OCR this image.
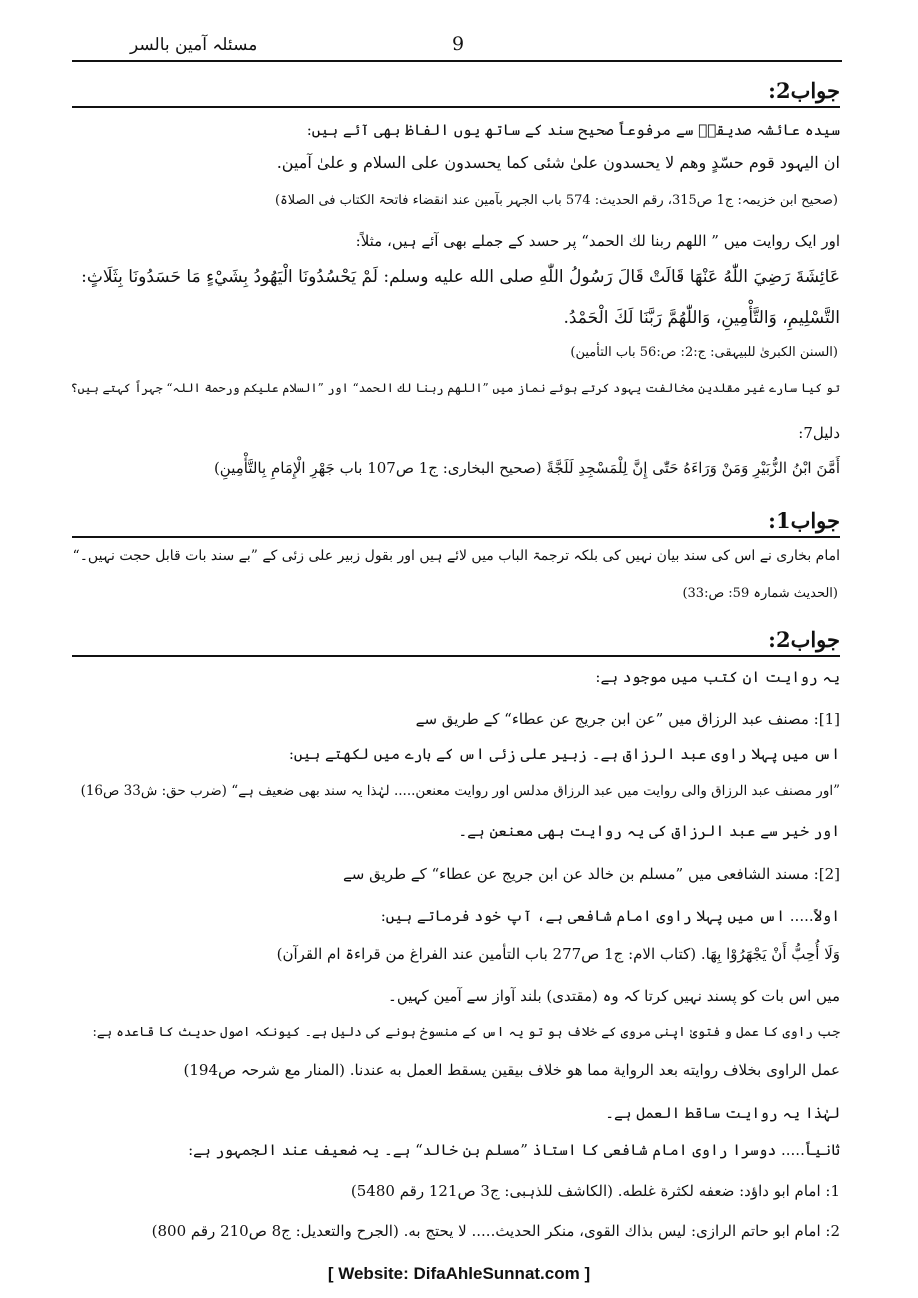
مسئلہ آمین بالسر	9
جواب2:
سیدہ عائشہ صدیقہؓ سے مرفوعاً صحیح سند کے ساتھ یوں الفاظ بھی آئے ہیں:
ان الیہود قوم حسّدٍ وھم لا یحسدون علیٰ شئی کما یحسدون علی السلام و علیٰ آمین.
(صحیح ابن خزیمہ: ج1 ص315، رقم الحدیث: 574 باب الجہر بآمین عند انقضاء فاتحۃ الکتاب فی الصلاۃ)
اور ایک روایت میں ” اللهم ربنا لك الحمد“ پر حسد کے جملے بھی آئے ہیں، مثلاً:
عَائِشَةَ رَضِيَ اللّٰهُ عَنْهَا قَالَتْ قَالَ رَسُولُ اللّٰهِ صلى الله عليه وسلم: لَمْ يَحْسُدُونَا الْيَهُودُ بِشَيْءٍ مَا حَسَدُونَا بِثَلَاثٍ:
التَّسْلِيمِ، وَالتَّأْمِينِ، وَاللّٰهُمَّ رَبَّنَا لَكَ الْحَمْدُ.
(السنن الکبریٰ للبیہقی: ج:2: ص:56 باب التأمین)
تو کیا سارے غیر مقلدین مخالفت یہود کرتے ہوئے نماز میں ”اللهم ربنا لك الحمد“ اور ”السلام علیکم ورحمة اللہ“ جہراً کہتے ہیں؟
دلیل7:
أَمَّنَ ابْنُ الزُّبَيْرِ وَمَنْ وَرَاءَهُ حَتّٰى إِنَّ لِلْمَسْجِدِ لَلَجَّةً (صحیح البخاری: ج1 ص107 باب جَهْرِ الْإِمَامِ بِالتَّأْمِينِ)
جواب1:
امام بخاری نے اس کی سند بیان نہیں کی بلکہ ترجمۃ الباب میں لائے ہیں اور بقول زبیر علی زئی کے ”بے سند بات قابل حجت نہیں۔“
(الحدیث شمارہ 59: ص:33)
جواب2:
یہ روایت ان کتب میں موجود ہے:
[1]: مصنف عبد الرزاق میں ”عن ابن جریج عن عطاء“ کے طریق سے
اس میں پہلا راوی عبد الرزاق ہے۔ زبیر علی زئی اس کے بارے میں لکھتے ہیں:
”اور مصنف عبد الرزاق والی روایت میں عبد الرزاق مدلس اور روایت معنعن..... لہٰذا یہ سند بھی ضعیف ہے“ (ضرب حق: ش33 ص16)
اور خیر سے عبد الرزاق کی یہ روایت بھی معنعن ہے۔
[2]: مسند الشافعی میں ”مسلم بن خالد عن ابن جریج عن عطاء“ کے طریق سے
اولاً..... اس میں پہلا راوی امام شافعی ہے، آپ خود فرماتے ہیں:
وَلَا أُحِبُّ أَنْ يَجْهَرُوْا بِهَا. (کتاب الام: ج1 ص277 باب التأمین عند الفراغ من قراءۃ ام القرآن)
میں اس بات کو پسند نہیں کرتا کہ وہ (مقتدی) بلند آواز سے آمین کہیں۔
جب راوی کا عمل و فتویٰ اپنی مروی کے خلاف ہو تو یہ اس کے منسوخ ہونے کی دلیل ہے۔ کیونکہ اصول حدیث کا قاعدہ ہے:
عمل الراوی بخلاف روایته بعد الروایة مما هو خلاف بیقین یسقط العمل به عندنا. (المنار مع شرحہ ص194)
لہٰذا یہ روایت ساقط العمل ہے۔
ثانیاً..... دوسرا راوی امام شافعی کا استاذ ”مسلم بن خالد“ ہے۔ یہ ضعیف عند الجمہور ہے:
1: امام ابو داؤد: ضعفه لکثرة غلطه. (الکاشف للذہبی: ج3 ص121 رقم 5480)
2: امام ابو حاتم الرازی: لیس بذاك القوی، منکر الحدیث..... لا یحتج به. (الجرح والتعدیل: ج8 ص210 رقم 800)
[ Website: DifaAhleSunnat.com ]
